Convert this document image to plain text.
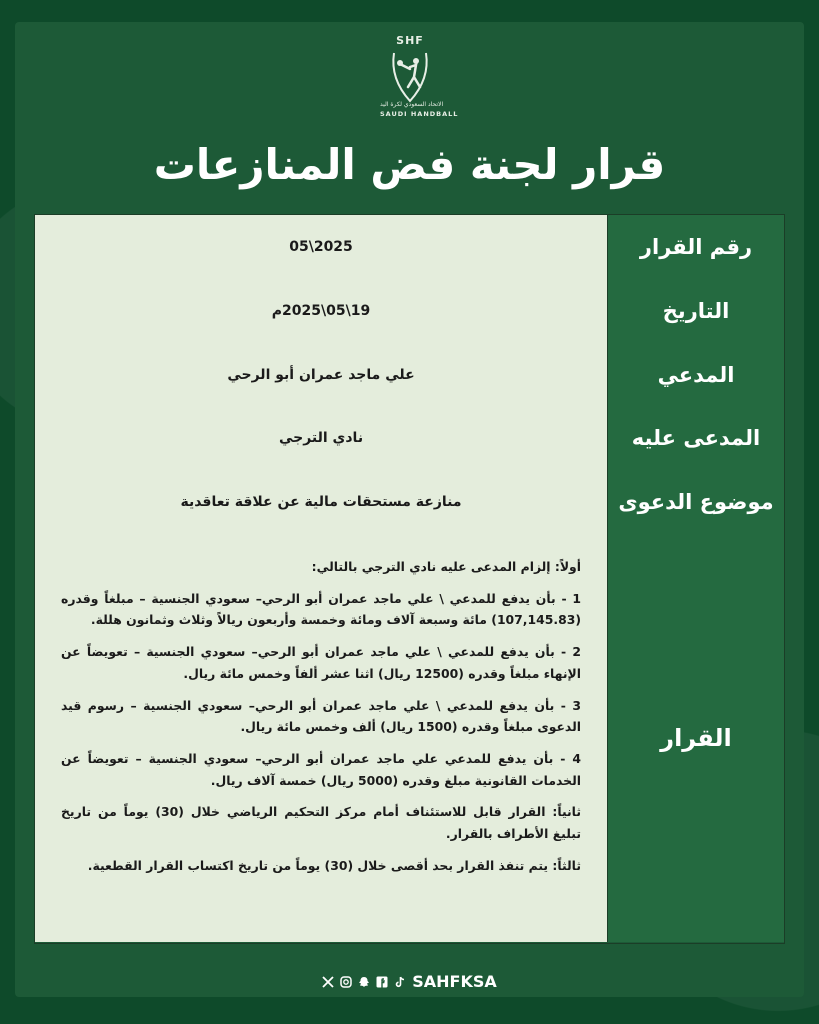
SHF
الاتحاد السعودي لكرة اليد
SAUDI HANDBALL
قرار لجنة فض المنازعات
رقم القرار
2025\05
التاريخ
19\05\2025م
المدعي
علي ماجد عمران أبو الرحي
المدعى عليه
نادي الترجي
موضوع الدعوى
منازعة مستحقات مالية عن علاقة تعاقدية
القرار

أولاً: إلزام المدعى عليه نادي الترجي بالتالي:

1 - بأن يدفع للمدعي \ علي ماجد عمران أبو الرحي– سعودي الجنسية – مبلغاً وقدره (107,145.83) مائة وسبعة آلاف ومائة وخمسة وأربعون ريالاً وثلاث وثمانون هللة.

2 - بأن يدفع للمدعي \ علي ماجد عمران أبو الرحي– سعودي الجنسية – تعويضاً عن الإنهاء مبلغاً وقدره (12500 ريال) اثنا عشر ألفاً وخمس مائة ريال.

3 - بأن يدفع للمدعي \ علي ماجد عمران أبو الرحي– سعودي الجنسية – رسوم قيد الدعوى مبلغاً وقدره (1500 ريال) ألف وخمس مائة ريال.

4 - بأن يدفع للمدعي علي ماجد عمران أبو الرحي– سعودي الجنسية – تعويضاً عن الخدمات القانونية مبلغ وقدره (5000 ريال) خمسة آلاف ريال.

ثانياً: القرار قابل للاستئناف أمام مركز التحكيم الرياضي خلال (30) يوماً من تاريخ تبليغ الأطراف بالقرار.

ثالثاً: يتم تنفذ القرار بحد أقصى خلال (30) يوماً من تاريخ اكتساب القرار القطعية.

SAHFKSA
